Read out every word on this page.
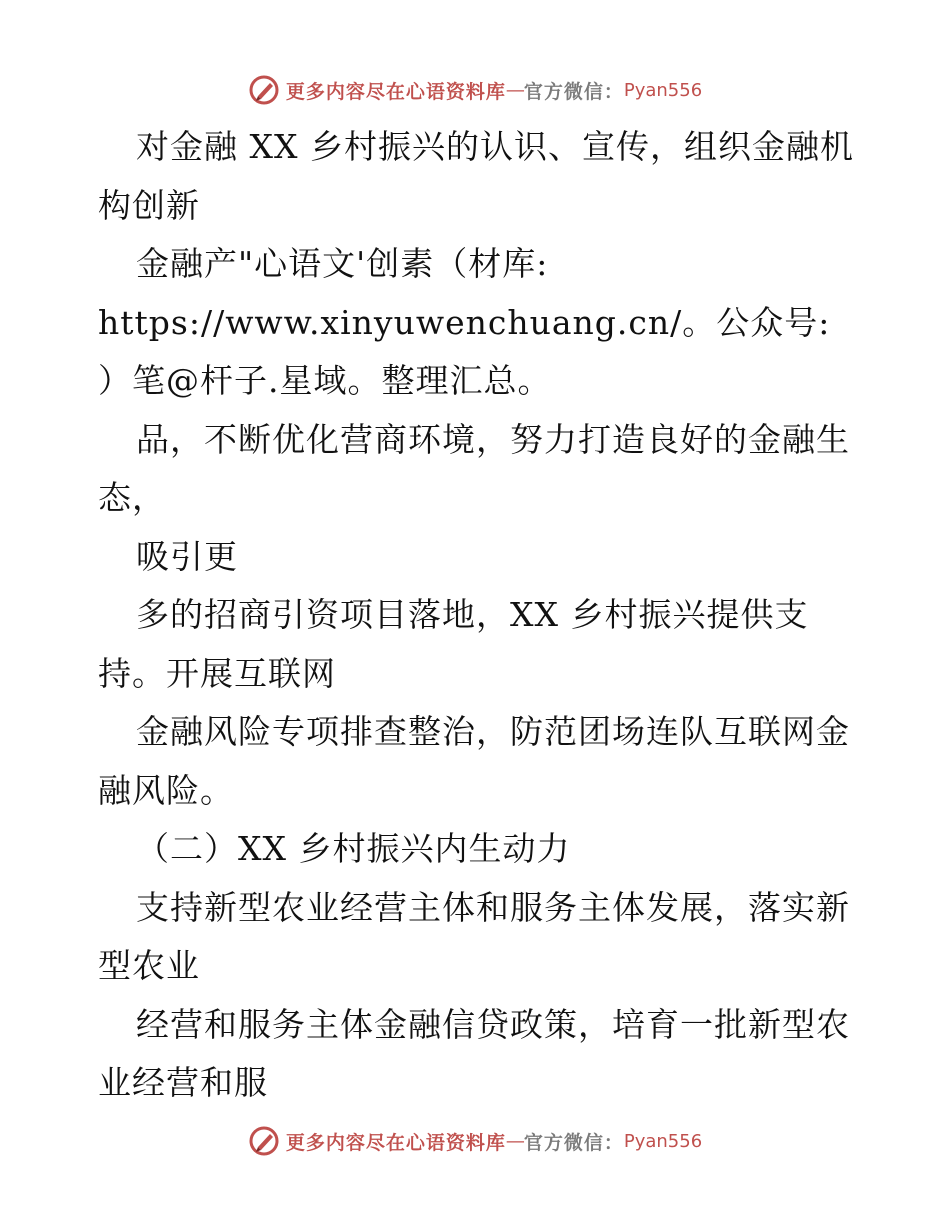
更多内容尽在心语资料库 — 官方微信： Pyan556

对金融 XX 乡村振兴的认识、宣传，组织金融机构创新

金融产"心语文'创素（材库: https://www.xinyuwenchuang.cn/。公众号: ）笔@杆子.星域。整理汇总。

品，不断优化营商环境，努力打造良好的金融生态，

吸引更

多的招商引资项目落地，XX 乡村振兴提供支持。开展互联网

金融风险专项排查整治，防范团场连队互联网金融风险。

（二）XX 乡村振兴内生动力

支持新型农业经营主体和服务主体发展，落实新型农业

经营和服务主体金融信贷政策，培育一批新型农业经营和服

更多内容尽在心语资料库 — 官方微信： Pyan556
